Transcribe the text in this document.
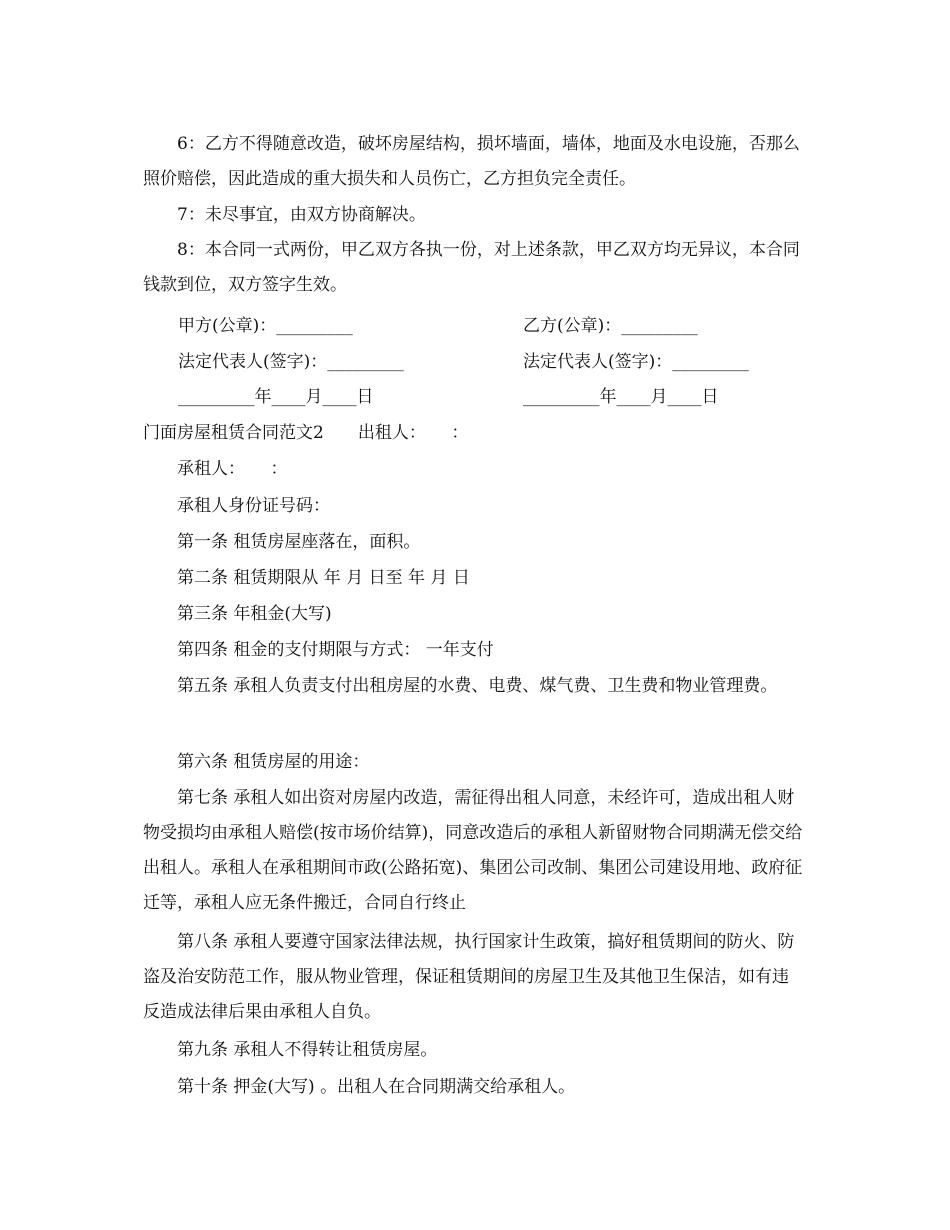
6：乙方不得随意改造，破坏房屋结构，损坏墙面，墙体，地面及水电设施，否那么照价赔偿，因此造成的重大损失和人员伤亡，乙方担负完全责任。

7：未尽事宜，由双方协商解决。

8：本合同一式两份，甲乙双方各执一份，对上述条款，甲乙双方均无异议，本合同钱款到位，双方签字生效。

甲方(公章)：_________	乙方(公章)：_________
法定代表人(签字)：_________	法定代表人(签字)：_________
_________年____月____日	_________年____月____日
门面房屋租赁合同范文2　　出租人：　　：

承租人：　　：

承租人身份证号码：

第一条 租赁房屋座落在，面积。

第二条 租赁期限从 年 月 日至 年 月 日

第三条 年租金(大写)

第四条 租金的支付期限与方式： 一年支付

第五条 承租人负责支付出租房屋的水费、电费、煤气费、卫生费和物业管理费。

第六条 租赁房屋的用途：

第七条 承租人如出资对房屋内改造，需征得出租人同意，未经许可，造成出租人财物受损均由承租人赔偿(按市场价结算)，同意改造后的承租人新留财物合同期满无偿交给出租人。承租人在承租期间市政(公路拓宽)、集团公司改制、集团公司建设用地、政府征迁等，承租人应无条件搬迁，合同自行终止

第八条 承租人要遵守国家法律法规，执行国家计生政策，搞好租赁期间的防火、防盗及治安防范工作，服从物业管理，保证租赁期间的房屋卫生及其他卫生保洁，如有违反造成法律后果由承租人自负。

第九条 承租人不得转让租赁房屋。

第十条 押金(大写) 。出租人在合同期满交给承租人。
